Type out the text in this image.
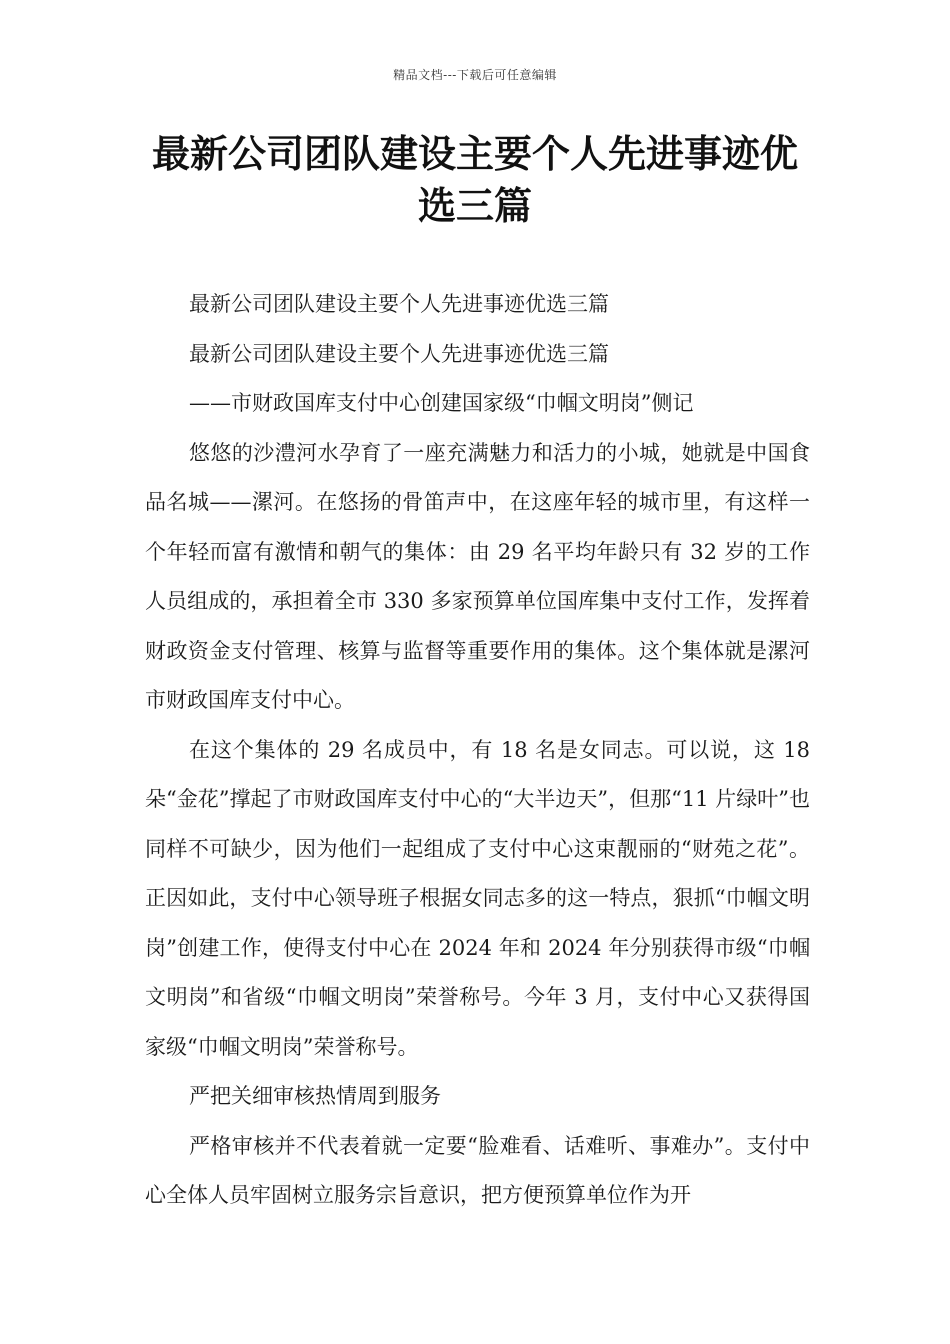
精品文档---下载后可任意编辑
最新公司团队建设主要个人先进事迹优选三篇

最新公司团队建设主要个人先进事迹优选三篇

最新公司团队建设主要个人先进事迹优选三篇

——市财政国库支付中心创建国家级“巾帼文明岗”侧记

悠悠的沙澧河水孕育了一座充满魅力和活力的小城，她就是中国食品名城——漯河。在悠扬的骨笛声中，在这座年轻的城市里，有这样一个年轻而富有激情和朝气的集体：由 29 名平均年龄只有 32 岁的工作人员组成的，承担着全市 330 多家预算单位国库集中支付工作，发挥着财政资金支付管理、核算与监督等重要作用的集体。这个集体就是漯河市财政国库支付中心。

在这个集体的 29 名成员中，有 18 名是女同志。可以说，这 18 朵“金花”撑起了市财政国库支付中心的“大半边天”，但那“11 片绿叶”也同样不可缺少，因为他们一起组成了支付中心这束靓丽的“财苑之花”。正因如此，支付中心领导班子根据女同志多的这一特点，狠抓“巾帼文明岗”创建工作，使得支付中心在 2024 年和 2024 年分别获得市级“巾帼文明岗”和省级“巾帼文明岗”荣誉称号。今年 3 月，支付中心又获得国家级“巾帼文明岗”荣誉称号。

严把关细审核热情周到服务

严格审核并不代表着就一定要“脸难看、话难听、事难办”。支付中心全体人员牢固树立服务宗旨意识，把方便预算单位作为开
